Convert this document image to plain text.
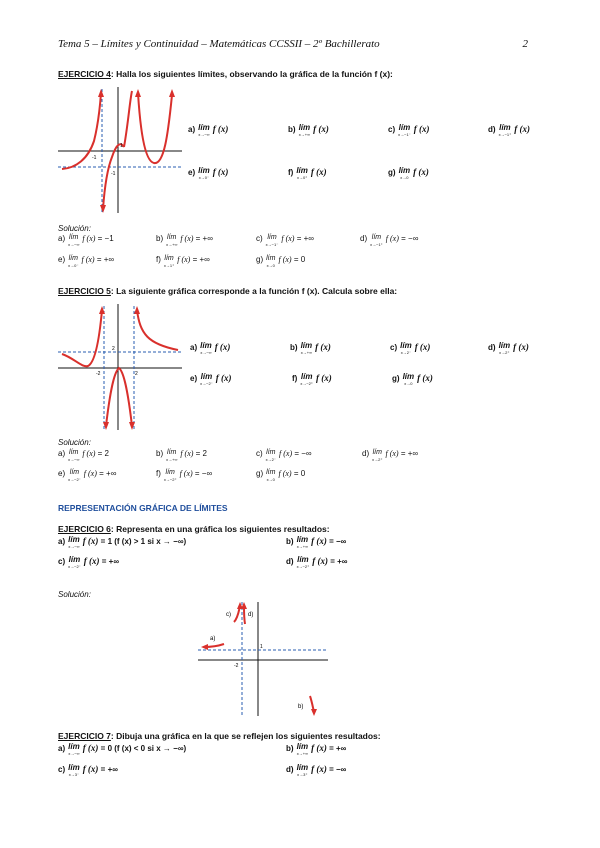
Tema 5 – Límites y Continuidad – Matemáticas CCSSII – 2º Bachillerato	2
EJERCICIO 4: Halla los siguientes límites, observando la gráfica de la función f (x):
-1
1
-1
a) lím
x→−∞
f (x)	b) lím
x→+∞
f (x)	c) lím
x→−1⁻
f (x)	d) lím
x→−1⁺
f (x)
e) lím
x→0⁻
f (x)	f) lím
x→0⁺
f (x)	g) lím
x→0
f (x)
Solución:
a) lím
x→−∞
f (x) = −1	b) lím
x→+∞
f (x) = +∞	c) lím
x→−1⁻
f (x) = +∞	d) lím
x→−1⁺
f (x) = −∞
e) lím
x→0⁻
f (x) = +∞	f) lím
x→1⁺
f (x) = +∞	g) lím
x→0
f (x) = 0
EJERCICIO 5: La siguiente gráfica corresponde a la función f (x). Calcula sobre ella:
2
-2	2
a) lím
x→−∞
f (x)	b) lím
x→+∞
f (x)	c) lím
x→2⁻
f (x)	d) lím
x→2⁺
f (x)
e) lím
x→−2⁻
f (x)	f) lím
x→−2⁺
f (x)	g) lím
x→0
f (x)
Solución:
a) lím
x→−∞
f (x) = 2	b) lím
x→+∞
f (x) = 2	c) lím
x→2⁻
f (x) = −∞	d) lím
x→2⁺
f (x) = +∞
e) lím
x→−2⁻
f (x) = +∞	f) lím
x→−2⁺
f (x) = −∞	g) lím
x→0
f (x) = 0
REPRESENTACIÓN GRÁFICA DE LÍMITES
EJERCICIO 6: Representa en una gráfica los siguientes resultados:
a) lím
x→−∞
f (x) = 1 (f (x) > 1 si x → −∞)	b) lím
x→+∞
f (x) = −∞
c) lím
x→−2⁻
f (x) = +∞	d) lím
x→−2⁺
f (x) = +∞
Solución:
c)	d)
a)
b)
1
-2
EJERCICIO 7: Dibuja una gráfica en la que se reflejen los siguientes resultados:
a) lím
x→−∞
f (x) = 0 (f (x) < 0 si x → −∞)	b) lím
x→+∞
f (x) = +∞
c) lím
x→3⁻
f (x) = +∞	d) lím
x→3⁺
f (x) = −∞
